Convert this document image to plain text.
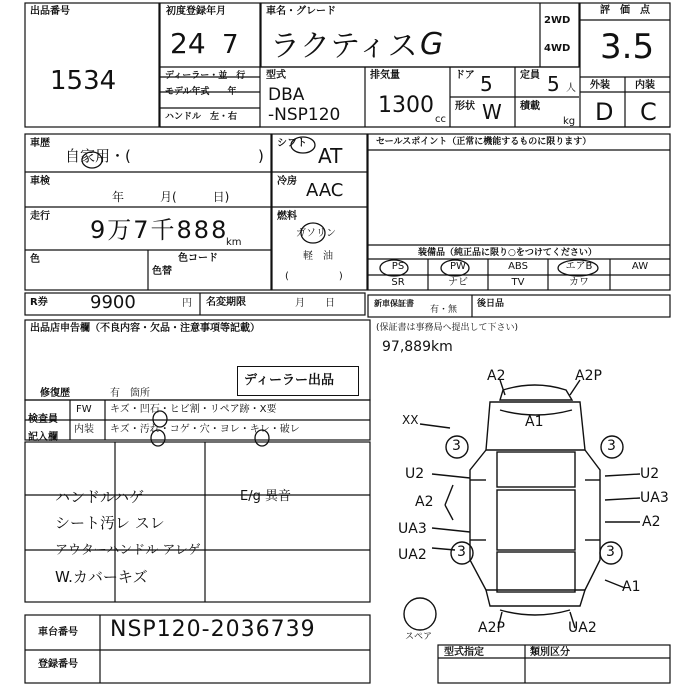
出品番号
1534
初度登録年月
24 7
車名・グレード
ラクティス G
2WD
4WD
評　価　点
3.5
ディーラー・並　行
モデル年式　　年
ハンドル　左・右
型式
DBA
-NSP120
排気量
1300
cc
ドア 5	定員 5 人
形状 W 積載
kg
外装	内装
D C
車歴
自家用・(	)
車検
年　　　月(　　　日)
走行 9万7千888
km
色
色替
色コード
シフト
AT
冷房 AAC
燃料
ガソリン
軽　油
(　　　　　)
セールスポイント（正常に機能するものに限ります）
装備品（純正品に限り○をつけてください）
PS	PW	ABS	エアB	AW
SR	ナビ	TV	カワ
R券 9900	円 名変期限	月　　日	新車保証書
有・無
後日品
出品店申告欄（不良内容・欠品・注意事項等記載）	(保証書は事務局へ提出して下さい)
97,889km
修復歴	有　箇所
ディーラー出品
検査員
記入欄
FW キズ・凹石・ヒビ割・リペア跡・X要
内装 キズ・汚れ・コゲ・穴・ヨレ・キレ・破レ
ハンドルハゲ
シート汚レ スレ
アウターハンドル アレゲ
W.カバーキズ
E/g 異音
車台番号 NSP120-2036739
登録番号
スペア
型式指定	類別区分
A2	A2P
XX	A1
3	3
3	3
U2
A2
UA3
UA2
U2
UA3
A2
A1
A2P	UA2
